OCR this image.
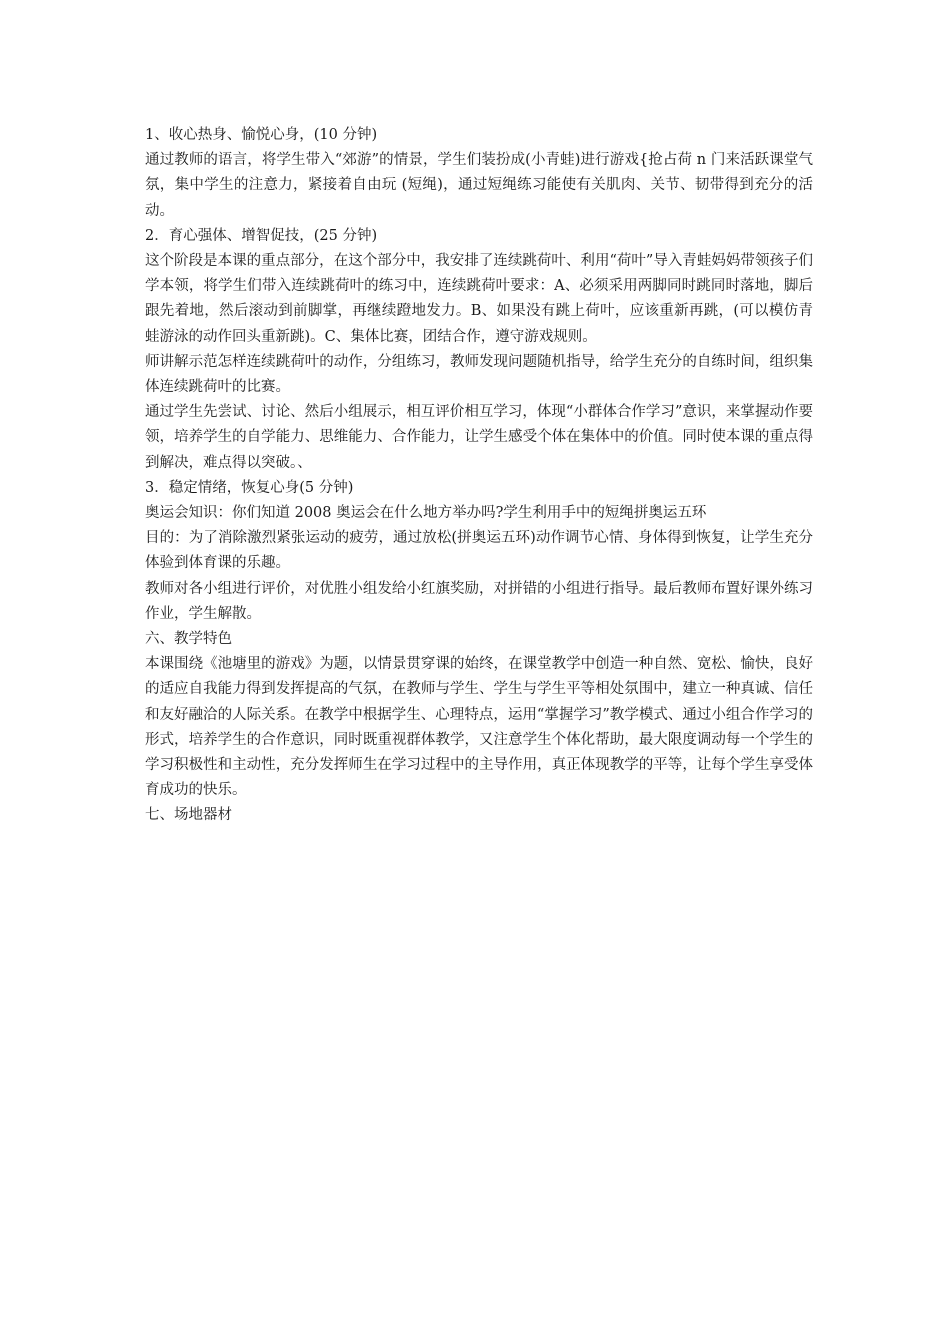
1、收心热身、愉悦心身，(10 分钟)

通过教师的语言，将学生带入“郊游”的情景，学生们装扮成(小青蛙)进行游戏{抢占荷 n 门来活跃课堂气氛，集中学生的注意力，紧接着自由玩 (短绳)，通过短绳练习能使有关肌肉、关节、韧带得到充分的活动。

2．育心强体、增智促技，(25 分钟)

这个阶段是本课的重点部分，在这个部分中，我安排了连续跳荷叶、利用“荷叶”导入青蛙妈妈带领孩子们学本领，将学生们带入连续跳荷叶的练习中，连续跳荷叶要求：A、必须采用两脚同时跳同时落地，脚后跟先着地，然后滚动到前脚掌，再继续蹬地发力。B、如果没有跳上荷叶，应该重新再跳，(可以模仿青蛙游泳的动作回头重新跳)。C、集体比赛，团结合作，遵守游戏规则。

师讲解示范怎样连续跳荷叶的动作，分组练习，教师发现问题随机指导，给学生充分的自练时间，组织集体连续跳荷叶的比赛。

通过学生先尝试、讨论、然后小组展示，相互评价相互学习，体现“小群体合作学习”意识，来掌握动作要领，培养学生的自学能力、思维能力、合作能力，让学生感受个体在集体中的价值。同时使本课的重点得到解决，难点得以突破。、

3．稳定情绪，恢复心身(5 分钟)

奥运会知识：你们知道 2008 奥运会在什么地方举办吗?学生利用手中的短绳拼奥运五环

目的：为了消除激烈紧张运动的疲劳，通过放松(拼奥运五环)动作调节心情、身体得到恢复，让学生充分体验到体育课的乐趣。

教师对各小组进行评价，对优胜小组发给小红旗奖励，对拼错的小组进行指导。最后教师布置好课外练习作业，学生解散。

六、教学特色

本课围绕《池塘里的游戏》为题，以情景贯穿课的始终，在课堂教学中创造一种自然、宽松、愉快，良好的适应自我能力得到发挥提高的气氛，在教师与学生、学生与学生平等相处氛围中，建立一种真诚、信任和友好融洽的人际关系。在教学中根据学生、心理特点，运用“掌握学习”教学模式、通过小组合作学习的形式，培养学生的合作意识，同时既重视群体教学，又注意学生个体化帮助，最大限度调动每一个学生的学习积极性和主动性，充分发挥师生在学习过程中的主导作用，真正体现教学的平等，让每个学生享受体育成功的快乐。

七、场地器材
